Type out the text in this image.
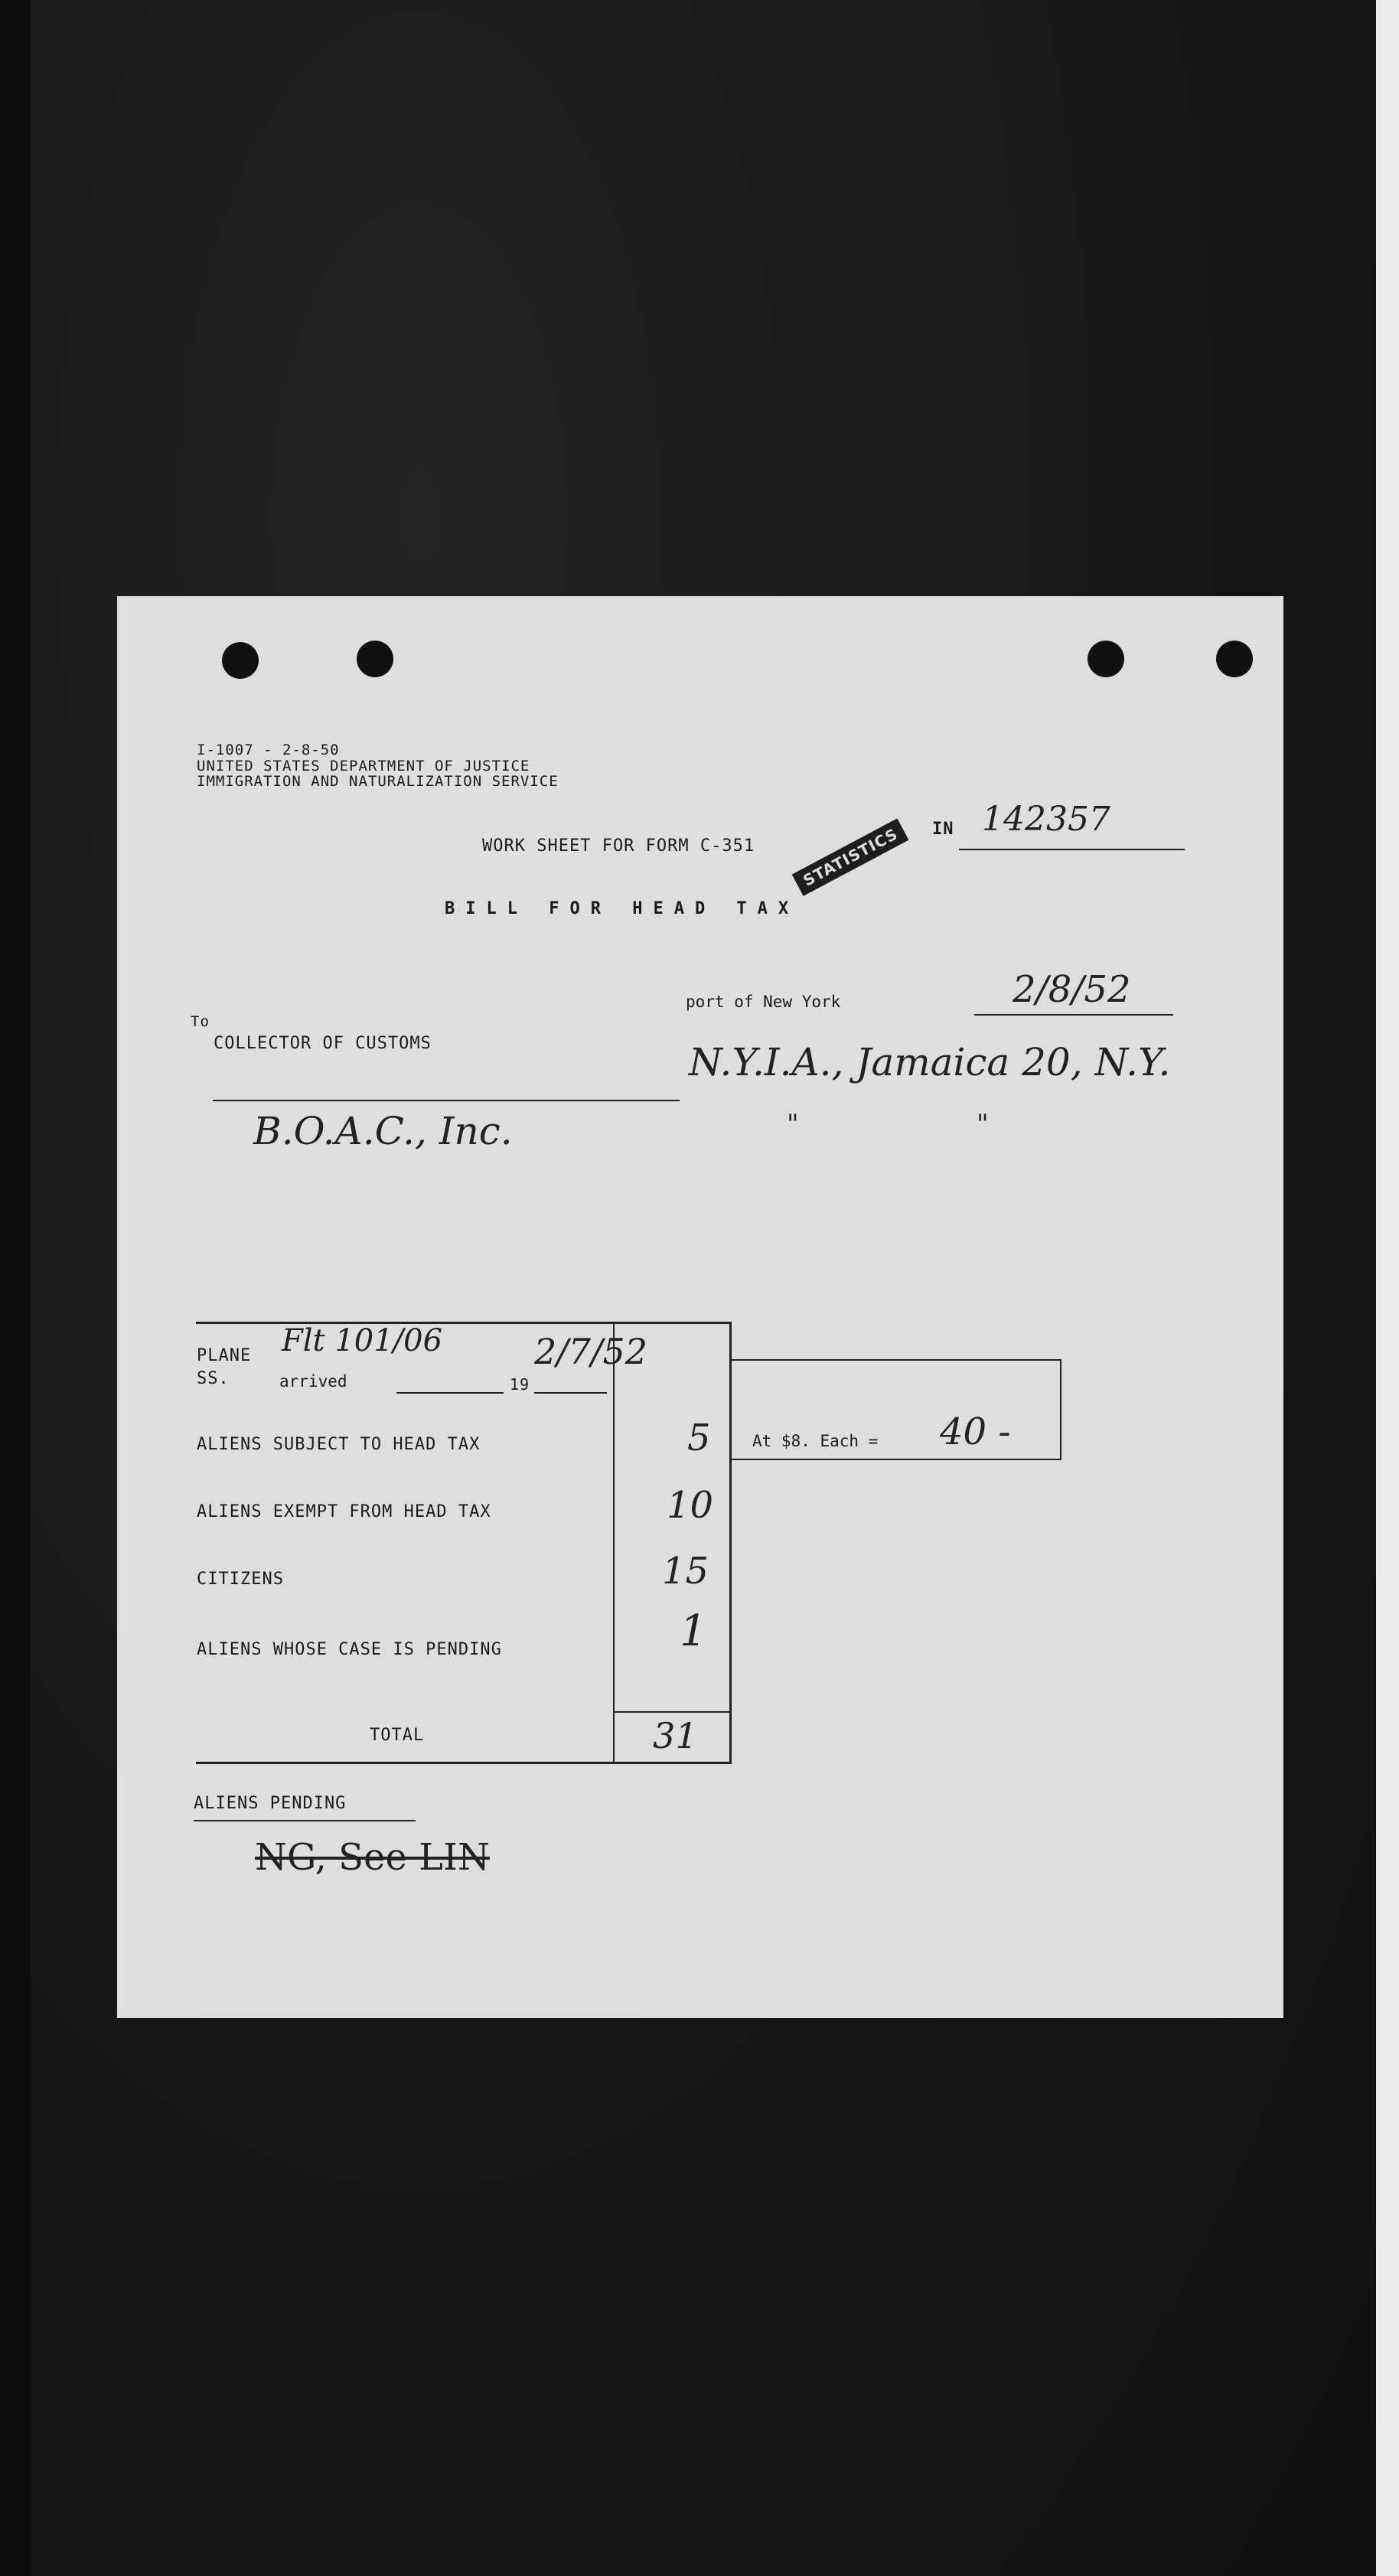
I-1007 - 2-8-50
UNITED STATES DEPARTMENT OF JUSTICE
IMMIGRATION AND NATURALIZATION SERVICE
WORK SHEET FOR FORM C-351	STATISTICS	IN 142357
BILL FOR HEAD TAX
port of New York	2/8/52
To
COLLECTOR OF CUSTOMS	N.Y.I.A., Jamaica 20, N.Y.
"	"
B.O.A.C., Inc.
PLANE
SS.
Flt 101/06
arrived	19
2/7/52
ALIENS SUBJECT TO HEAD TAX	5
ALIENS EXEMPT FROM HEAD TAX	10
CITIZENS	15
ALIENS WHOSE CASE IS PENDING	1
TOTAL	31
At $8. Each = 40 -
ALIENS PENDING
NG, See LIN
